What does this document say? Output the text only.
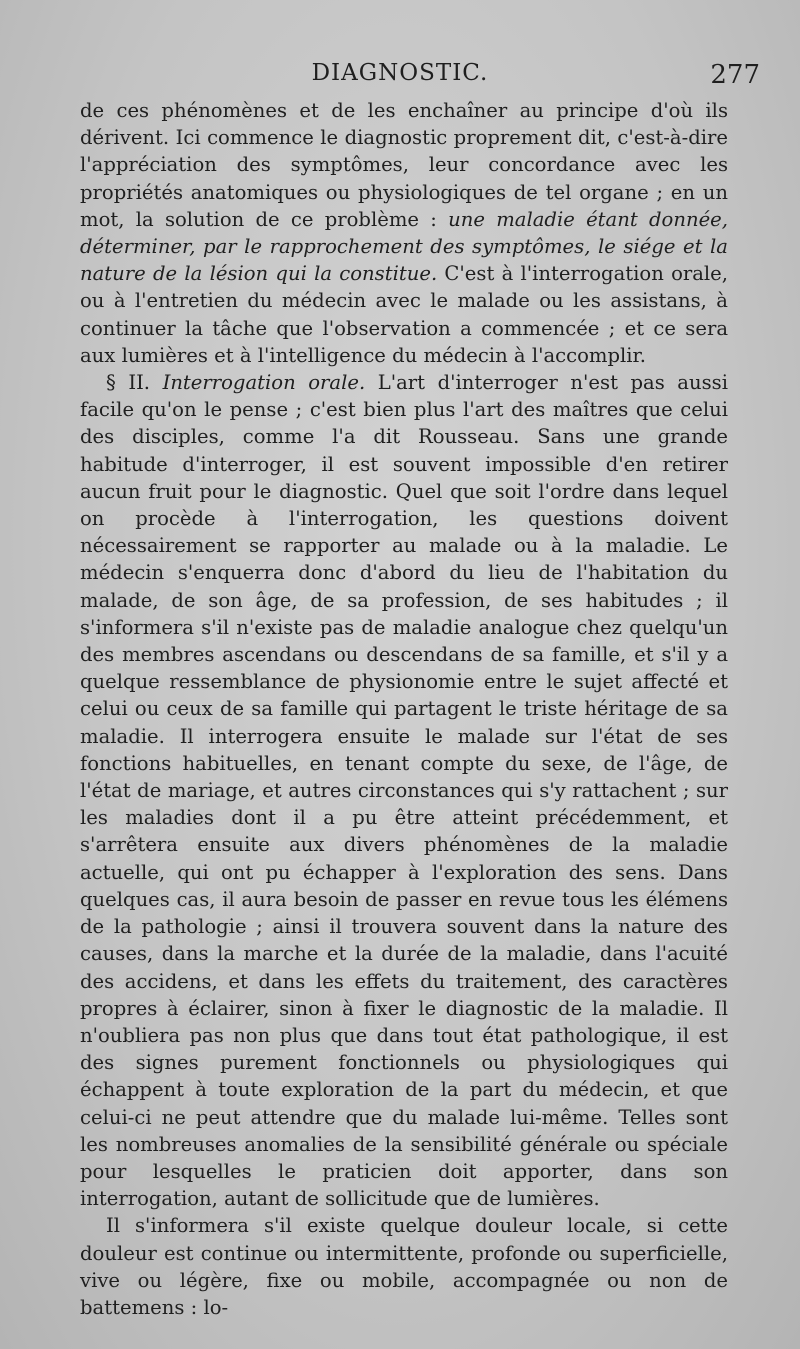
DIAGNOSTIC.	277

de ces phénomènes et de les enchaîner au principe d'où ils dérivent. Ici commence le diagnostic proprement dit, c'est-à-dire l'appréciation des symptômes, leur concordance avec les propriétés anatomiques ou physiologiques de tel organe ; en un mot, la solution de ce problème : une maladie étant donnée, déterminer, par le rapprochement des symptômes, le siége et la nature de la lésion qui la constitue. C'est à l'interrogation orale, ou à l'entretien du médecin avec le malade ou les assistans, à continuer la tâche que l'observation a commencée ; et ce sera aux lumières et à l'intelligence du médecin à l'accomplir.

§ II. Interrogation orale. L'art d'interroger n'est pas aussi facile qu'on le pense ; c'est bien plus l'art des maîtres que celui des disciples, comme l'a dit Rousseau. Sans une grande habitude d'interroger, il est souvent impossible d'en retirer aucun fruit pour le diagnostic. Quel que soit l'ordre dans lequel on procède à l'interrogation, les questions doivent nécessairement se rapporter au malade ou à la maladie. Le médecin s'enquerra donc d'abord du lieu de l'habitation du malade, de son âge, de sa profession, de ses habitudes ; il s'informera s'il n'existe pas de maladie analogue chez quelqu'un des membres ascendans ou descendans de sa famille, et s'il y a quelque ressemblance de physionomie entre le sujet affecté et celui ou ceux de sa famille qui partagent le triste héritage de sa maladie. Il interrogera ensuite le malade sur l'état de ses fonctions habituelles, en tenant compte du sexe, de l'âge, de l'état de mariage, et autres circonstances qui s'y rattachent ; sur les maladies dont il a pu être atteint précédemment, et s'arrêtera ensuite aux divers phénomènes de la maladie actuelle, qui ont pu échapper à l'exploration des sens. Dans quelques cas, il aura besoin de passer en revue tous les élémens de la pathologie ; ainsi il trouvera souvent dans la nature des causes, dans la marche et la durée de la maladie, dans l'acuité des accidens, et dans les effets du traitement, des caractères propres à éclairer, sinon à fixer le diagnostic de la maladie. Il n'oubliera pas non plus que dans tout état pathologique, il est des signes purement fonctionnels ou physiologiques qui échappent à toute exploration de la part du médecin, et que celui-ci ne peut attendre que du malade lui-même. Telles sont les nombreuses anomalies de la sensibilité générale ou spéciale pour lesquelles le praticien doit apporter, dans son interrogation, autant de sollicitude que de lumières.

Il s'informera s'il existe quelque douleur locale, si cette douleur est continue ou intermittente, profonde ou superficielle, vive ou légère, fixe ou mobile, accompagnée ou non de battemens : lo-
